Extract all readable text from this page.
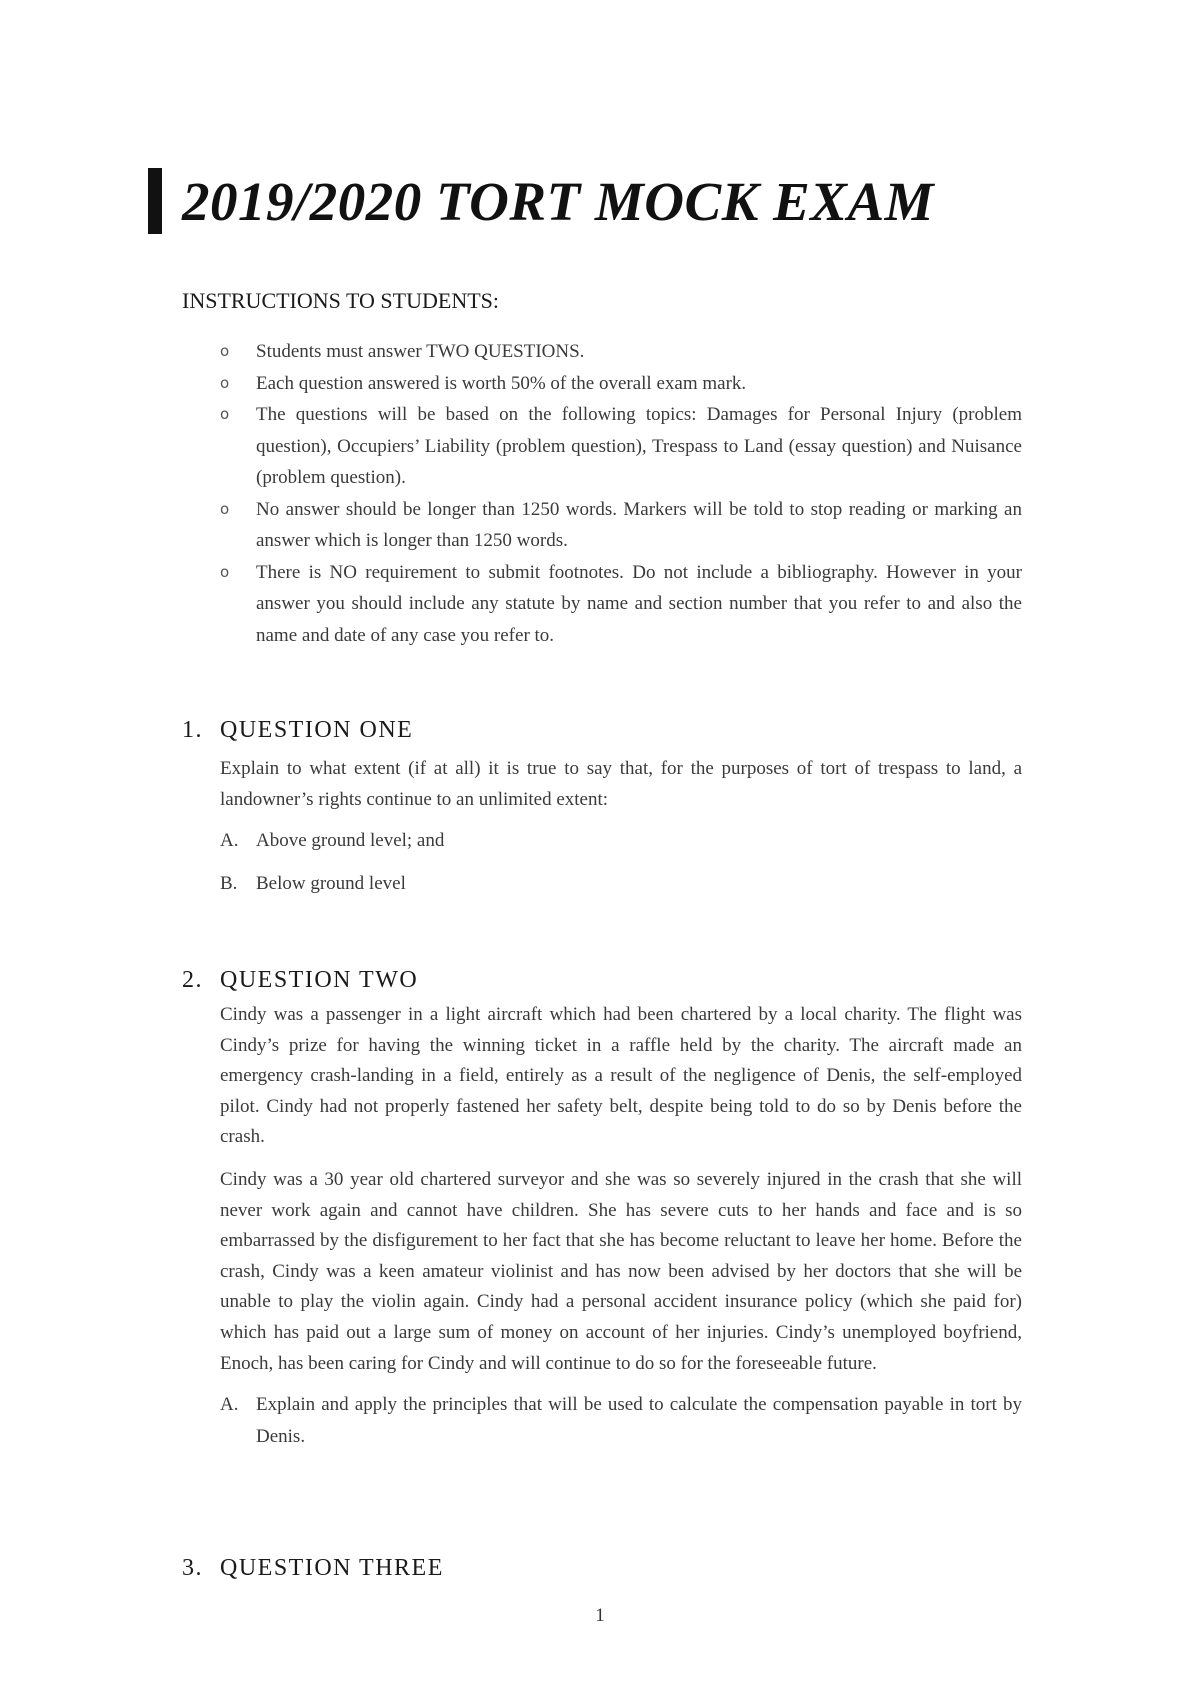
2019/2020 TORT MOCK EXAM
INSTRUCTIONS TO STUDENTS:
o Students must answer TWO QUESTIONS.
o Each question answered is worth 50% of the overall exam mark.
o The questions will be based on the following topics: Damages for Personal Injury (problem question), Occupiers’ Liability (problem question), Trespass to Land (essay question) and Nuisance (problem question).
o No answer should be longer than 1250 words. Markers will be told to stop reading or marking an answer which is longer than 1250 words.
o There is NO requirement to submit footnotes. Do not include a bibliography. However in your answer you should include any statute by name and section number that you refer to and also the name and date of any case you refer to.
1. QUESTION ONE

Explain to what extent (if at all) it is true to say that, for the purposes of tort of trespass to land, a landowner’s rights continue to an unlimited extent:

A. Above ground level; and
B. Below ground level
2. QUESTION TWO

Cindy was a passenger in a light aircraft which had been chartered by a local charity. The flight was Cindy’s prize for having the winning ticket in a raffle held by the charity. The aircraft made an emergency crash-landing in a field, entirely as a result of the negligence of Denis, the self-employed pilot. Cindy had not properly fastened her safety belt, despite being told to do so by Denis before the crash.

Cindy was a 30 year old chartered surveyor and she was so severely injured in the crash that she will never work again and cannot have children. She has severe cuts to her hands and face and is so embarrassed by the disfigurement to her fact that she has become reluctant to leave her home. Before the crash, Cindy was a keen amateur violinist and has now been advised by her doctors that she will be unable to play the violin again. Cindy had a personal accident insurance policy (which she paid for) which has paid out a large sum of money on account of her injuries. Cindy’s unemployed boyfriend, Enoch, has been caring for Cindy and will continue to do so for the foreseeable future.

A. Explain and apply the principles that will be used to calculate the compensation payable in tort by Denis.
3. QUESTION THREE
1
